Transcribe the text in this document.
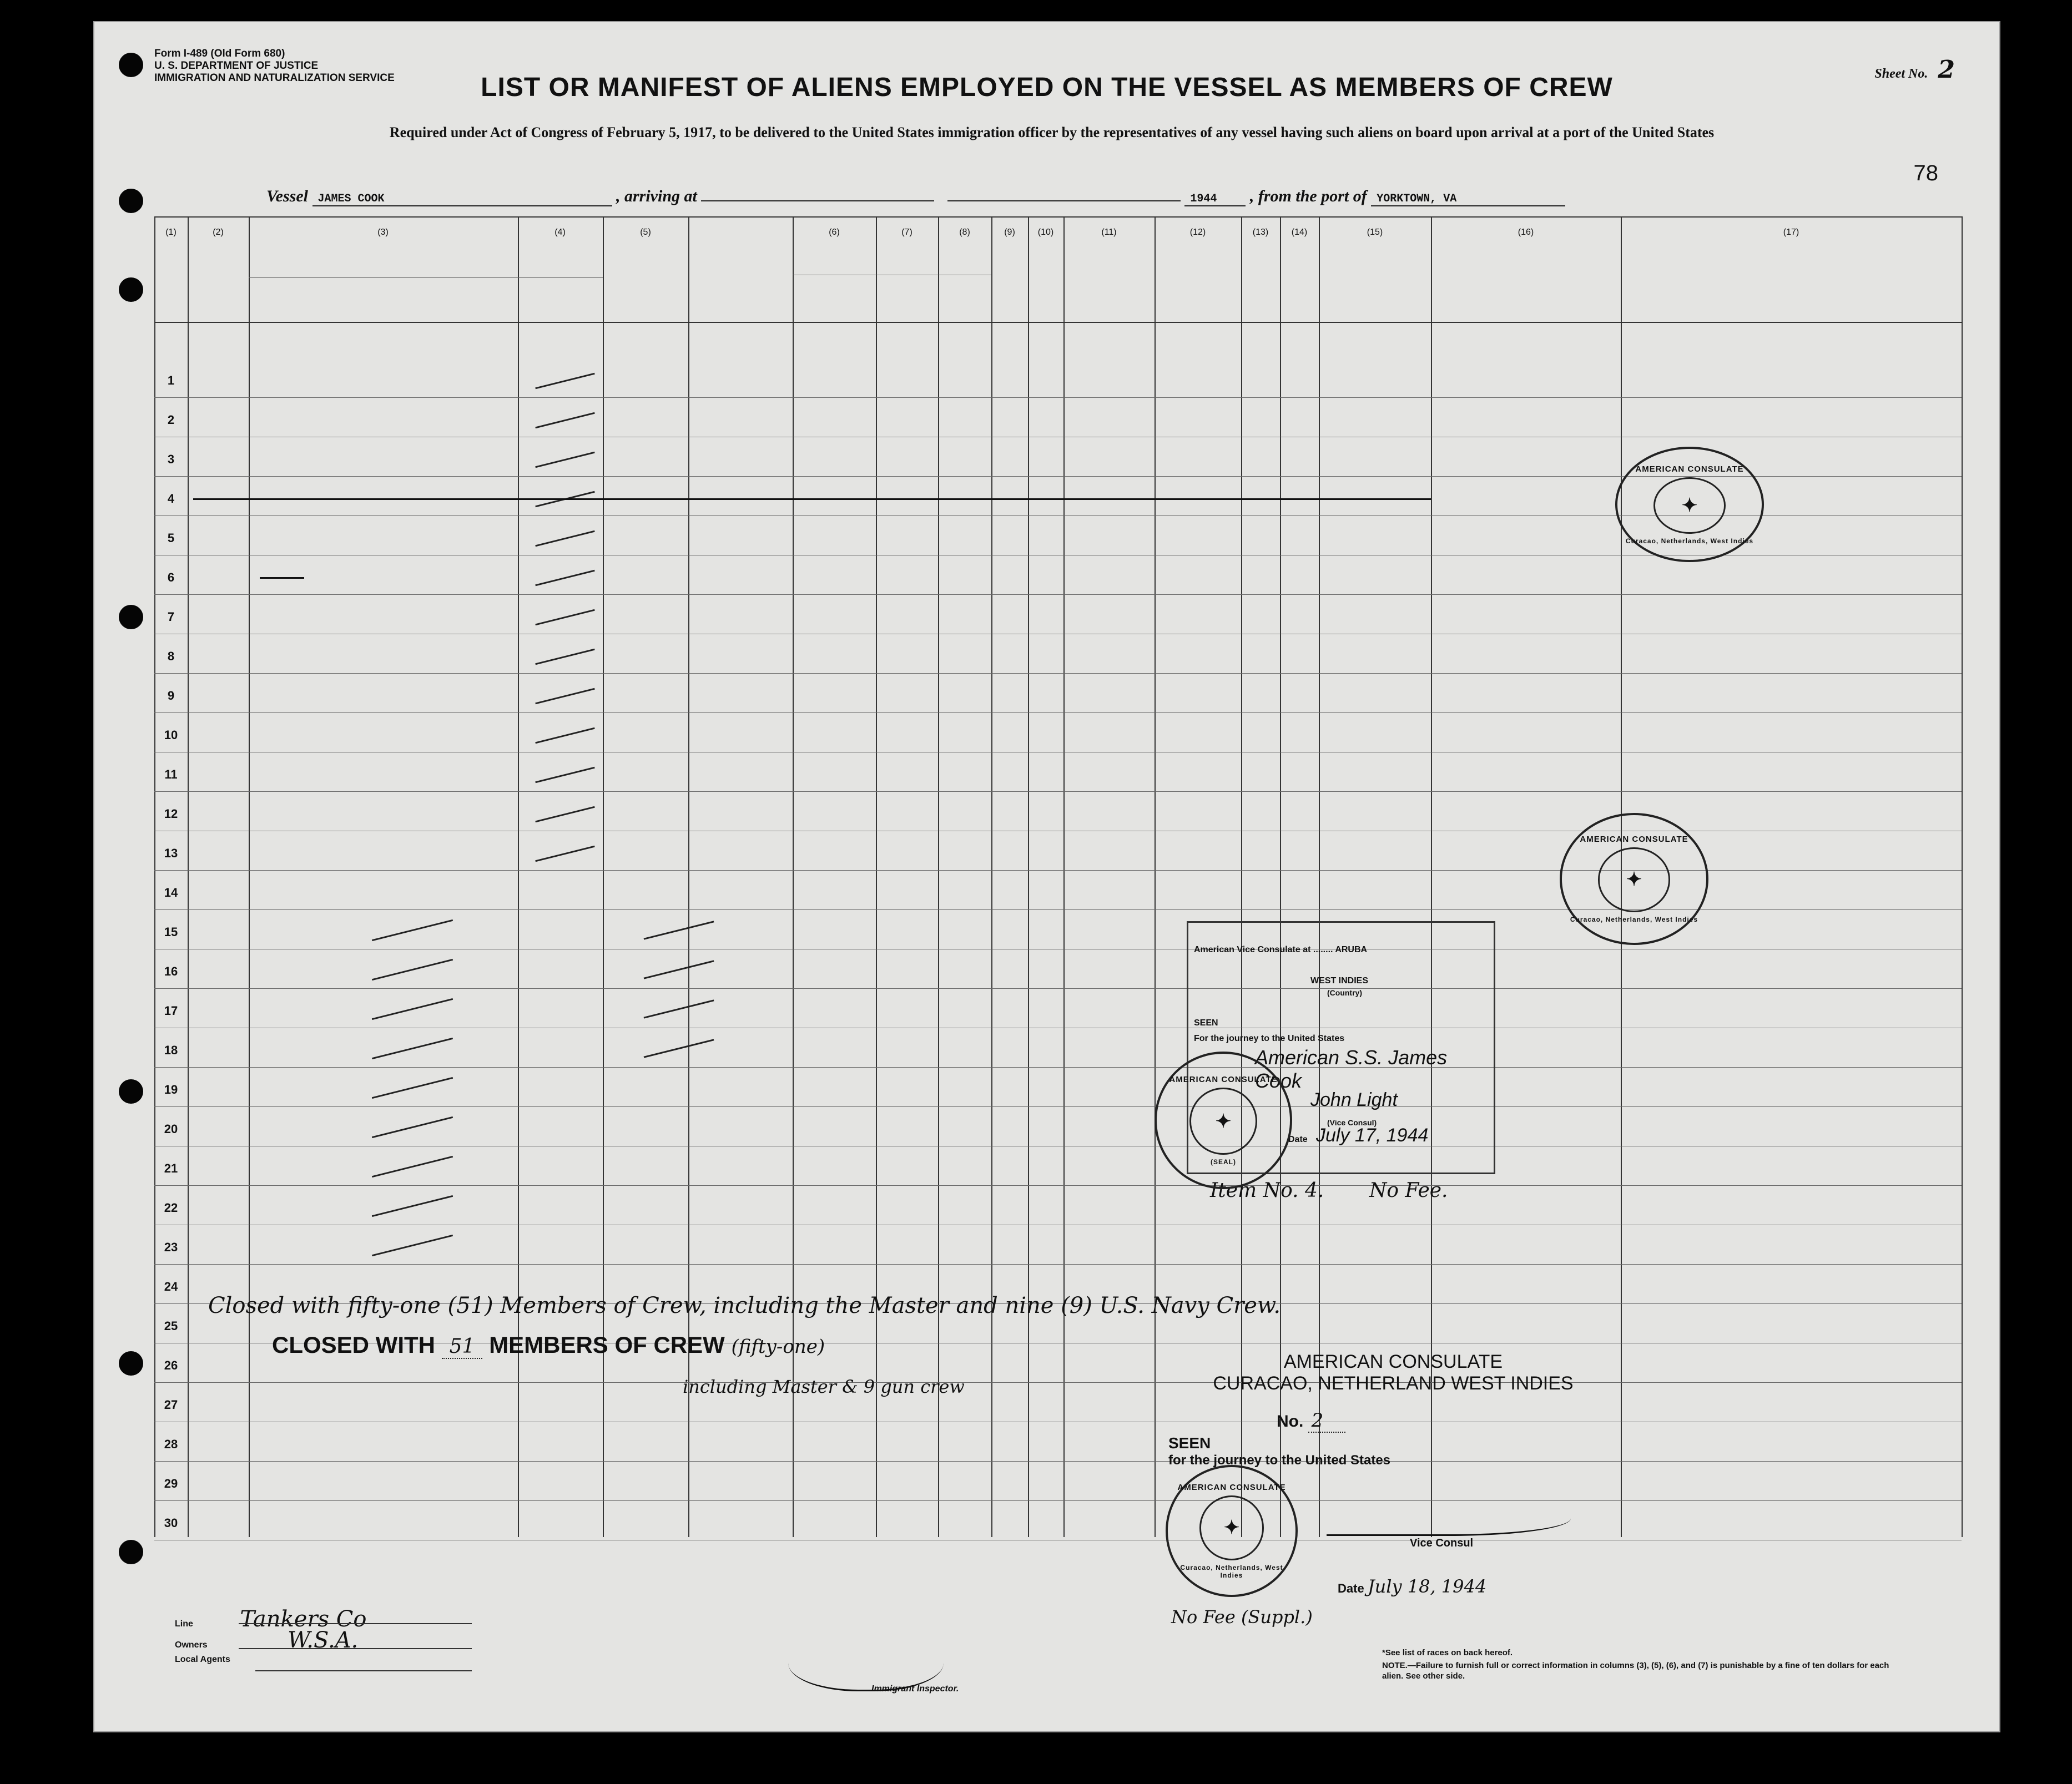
Form I-489 (Old Form 680)
U. S. DEPARTMENT OF JUSTICE
IMMIGRATION AND NATURALIZATION SERVICE	Sheet No. 2
LIST OR MANIFEST OF ALIENS EMPLOYED ON THE VESSEL AS MEMBERS OF CREW
Required under Act of Congress of February 5, 1917, to be delivered to the United States immigration officer by the representatives of any vessel having such aliens on board upon arrival at a port of the United States
78
Vessel JAMES COOK	, arriving at	1944 , from the port of YORKTOWN, VA
(1)	(2)	(3)	(4)	(5)	(6)	(7)	(8)	(9)	(10)	(11)	(12)	(13)	(14)	(15)	(16)	(17)
1
2
3
4
5
6
7
8
9
10
11
12
13
14
15
16
17
18
19
20
21
22
23
24
25
26
27
28
29
30
American Vice Consulate at ........ ARUBA
WEST INDIES
(Country)
SEEN
For the journey to the United States
American S.S. James Cook
John Light
(Vice Consul)
Date July 17, 1944
Item No. 4. No Fee.
AMERICAN CONSULATE
✦
(SEAL)
AMERICAN CONSULATE
✦
Curacao, Netherlands, West Indies
AMERICAN CONSULATE
✦
Curacao, Netherlands, West Indies
AMERICAN CONSULATE
✦
Curacao, Netherlands, West Indies
Closed with fifty-one (51) Members of Crew, including the Master and nine (9) U.S. Navy Crew.
CLOSED WITH 51 MEMBERS OF CREW (fifty-one)
including Master & 9 gun crew
AMERICAN CONSULATE
CURACAO, NETHERLAND WEST INDIES
No. 2
SEEN
for the journey to the United States
Vice Consul
Date July 18, 1944
No Fee (Suppl.)
Line Tankers Co
Owners	W.S.A.
Local Agents
Immigrant Inspector.
*See list of races on back hereof.
NOTE.—Failure to furnish full or correct information in columns (3), (5), (6), and (7) is punishable by a fine of ten dollars for each alien. See other side.
